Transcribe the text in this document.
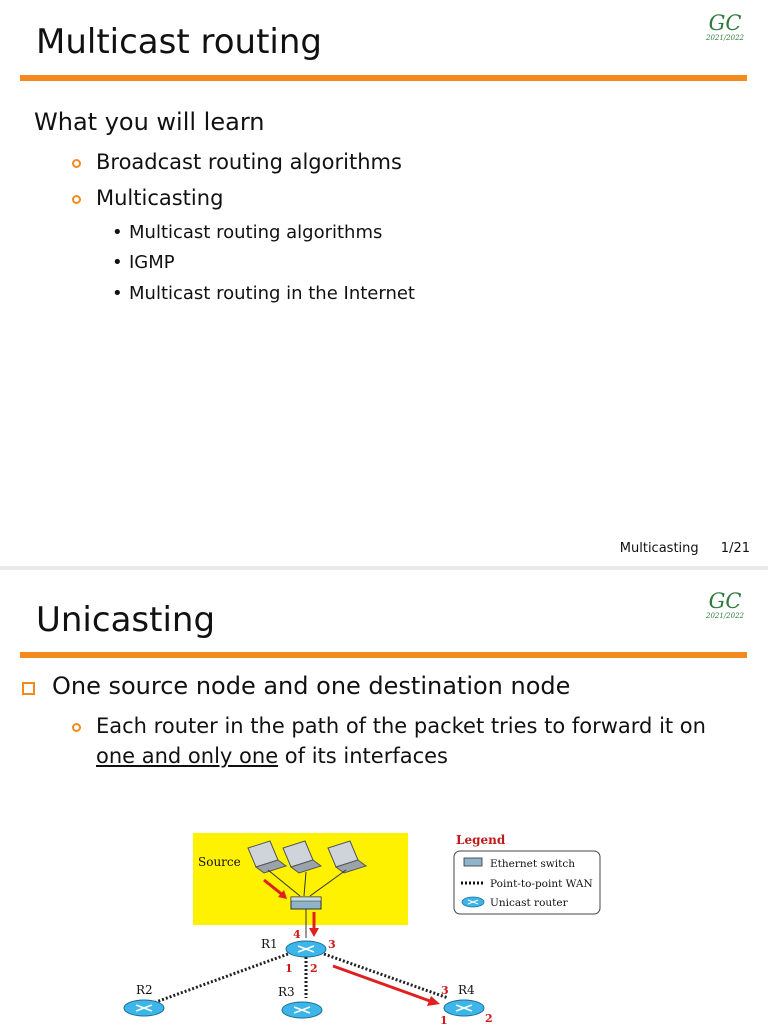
Multicast routing	GC
2021/2022
What you will learn
Broadcast routing algorithms
Multicasting
• Multicast routing algorithms
• IGMP
• Multicast routing in the Internet
Multicasting 1/21
Unicasting	GC
2021/2022
One source node and one destination node
Each router in the path of the packet tries to forward it on
one and only one of its interfaces
Source
R1
4
3
1 2
R2	R3	R4
3
1	2
Legend
Ethernet switch
Point-to-point WAN
Unicast router
